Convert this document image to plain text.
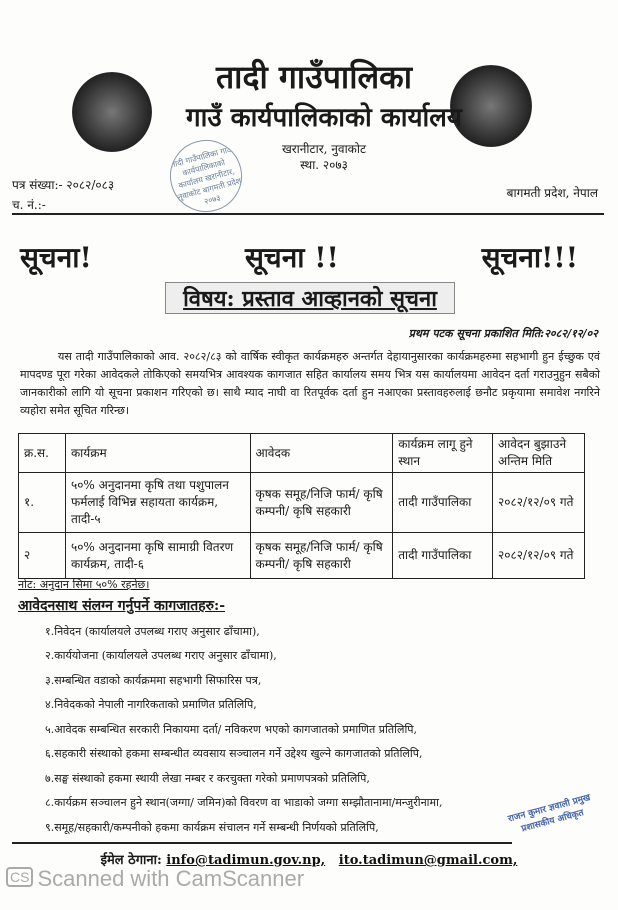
तादी गाउँपालिका
गाउँ कार्यपालिकाको कार्यालय
खरानीटार, नुवाकोट
स्था. २०७३
तादी गाउँपालिका गाउँ कार्यपालिकाको कार्यालय खरानीटार, नुवाकोट बागमती प्रदेश २०७३
पत्र संख्या:- २०८२/०८३
च. नं.:-
बागमती प्रदेश, नेपाल
सूचना!	सूचना !!	सूचना!!!
विषय: प्रस्ताव आव्हानको सूचना
प्रथम पटक सूचना प्रकाशित मिति:२०८२/१२/०२

यस तादी गाउँपालिकाको आव. २०८२/८३ को वार्षिक स्वीकृत कार्यक्रमहरु अन्तर्गत देहायानुसारका कार्यक्रमहरुमा सहभागी हुन ईच्छुक एवं मापदण्ड पूरा गरेका आवेदकले तोकिएको समयभित्र आवश्यक कागजात सहित कार्यालय समय भित्र यस कार्यालयमा आवेदन दर्ता गराउनुहुन सबैको जानकारीको लागि यो सूचना प्रकाशन गरिएको छ। साथै म्याद नाघी वा रितपूर्वक दर्ता हुन नआएका प्रस्तावहरुलाई छनौट प्रकृयामा समावेश नगरिने व्यहोरा समेत सूचित गरिन्छ।

क्र.स.	कार्यक्रम	आवेदक	कार्यक्रम लागू हुने स्थान	आवेदन बुझाउने अन्तिम मिति
१.	५०% अनुदानमा कृषि तथा पशुपालन फर्मलाई विभिन्न सहायता कार्यक्रम, तादी-५	कृषक समूह/निजि फार्म/ कृषि कम्पनी/ कृषि सहकारी	तादी गाउँपालिका	२०८२/१२/०९ गते
२	५०% अनुदानमा कृषि सामाग्री वितरण कार्यक्रम, तादी-६	कृषक समूह/निजि फार्म/ कृषि कम्पनी/ कृषि सहकारी	तादी गाउँपालिका	२०८२/१२/०९ गते
नोट: अनुदान सिमा ५०% रहनेछ।
आवेदनसाथ संलग्न गर्नुपर्ने कागजातहरु:-
१.निवेदन (कार्यालयले उपलब्ध गराए अनुसार ढाँचामा),
२.कार्ययोजना (कार्यालयले उपलब्ध गराए अनुसार ढाँचामा),
३.सम्बन्धित वडाको कार्यक्रममा सहभागी सिफारिस पत्र,
४.निवेदकको नेपाली नागरिकताको प्रमाणित प्रतिलिपि,
५.आवेदक सम्बन्धित सरकारी निकायमा दर्ता/ नविकरण भएको कागजातको प्रमाणित प्रतिलिपि,
६.सहकारी संस्थाको हकमा सम्बन्धीत व्यवसाय सञ्चालन गर्ने उद्देश्य खुल्ने कागजातको प्रतिलिपि,
७.सङ्घ संस्थाको हकमा स्थायी लेखा नम्बर र करचुक्ता गरेको प्रमाणपत्रको प्रतिलिपि,
८.कार्यक्रम सञ्चालन हुने स्थान(जग्गा/ जमिन)को विवरण वा भाडाको जग्गा सम्झौतानामा/मन्जुरीनामा,
९.समूह/सहकारी/कम्पनीको हकमा कार्यक्रम संचालन गर्ने सम्बन्धी निर्णयको प्रतिलिपि,
राजन कुमार ज्ञवाली प्रमुख प्रशासकीय अधिकृत
ईमेल ठेगाना: info@tadimun.gov.np, ito.tadimun@gmail.com,
CS Scanned with CamScanner
